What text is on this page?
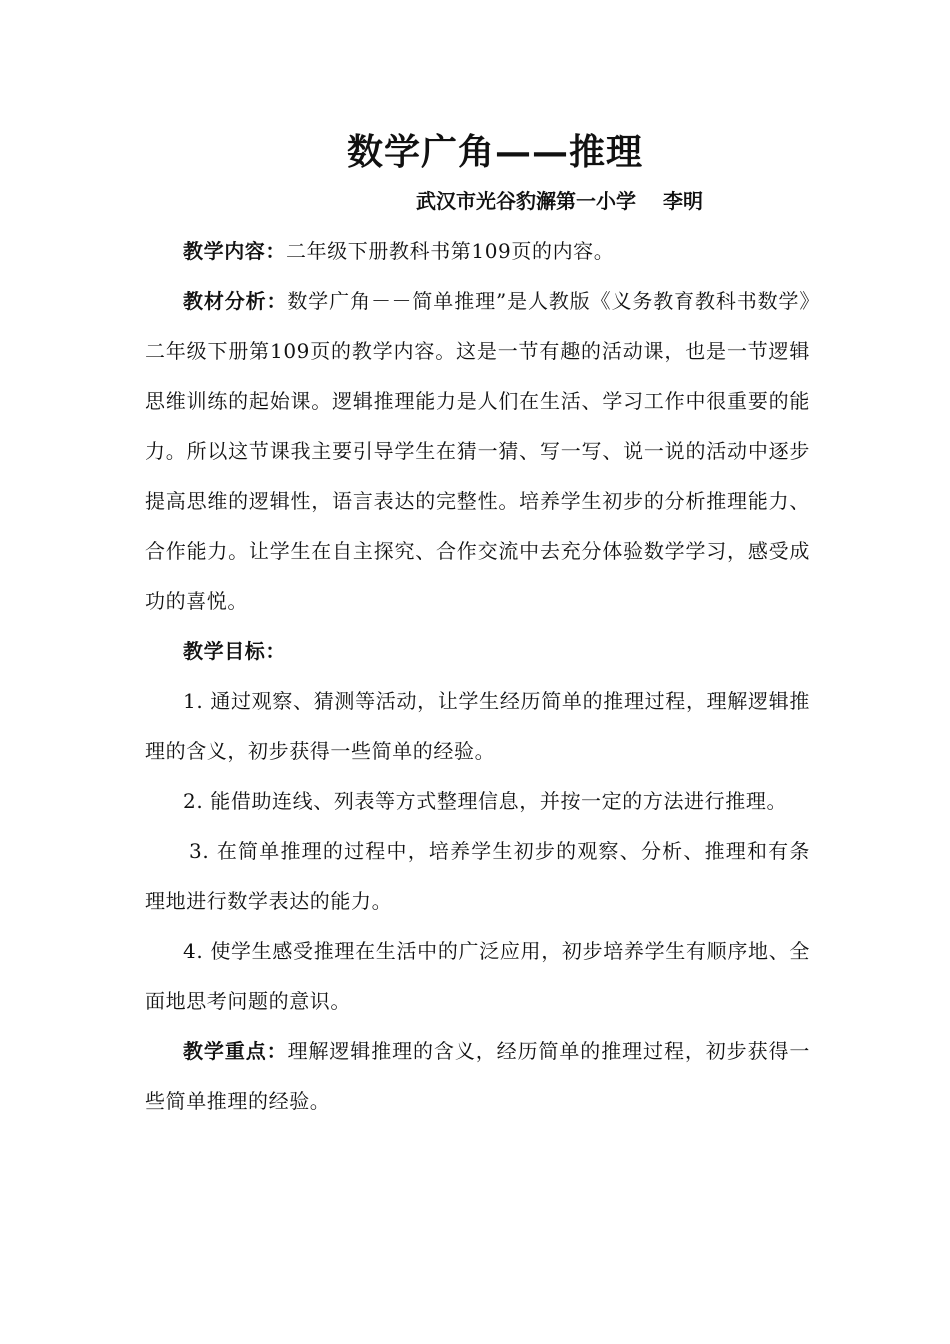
数学广角——推理
武汉市光谷豹澥第一小学　 李明

教学内容：二年级下册教科书第109页的内容。

教材分析：数学广角－－简单推理”是人教版《义务教育教科书数学》二年级下册第109页的教学内容。这是一节有趣的活动课，也是一节逻辑思维训练的起始课。逻辑推理能力是人们在生活、学习工作中很重要的能力。所以这节课我主要引导学生在猜一猜、写一写、说一说的活动中逐步提高思维的逻辑性，语言表达的完整性。培养学生初步的分析推理能力、合作能力。让学生在自主探究、合作交流中去充分体验数学学习，感受成功的喜悦。

教学目标：

1. 通过观察、猜测等活动，让学生经历简单的推理过程，理解逻辑推理的含义，初步获得一些简单的经验。

2. 能借助连线、列表等方式整理信息，并按一定的方法进行推理。

3. 在简单推理的过程中，培养学生初步的观察、分析、推理和有条理地进行数学表达的能力。

4. 使学生感受推理在生活中的广泛应用，初步培养学生有顺序地、全面地思考问题的意识。

教学重点：理解逻辑推理的含义，经历简单的推理过程，初步获得一些简单推理的经验。
